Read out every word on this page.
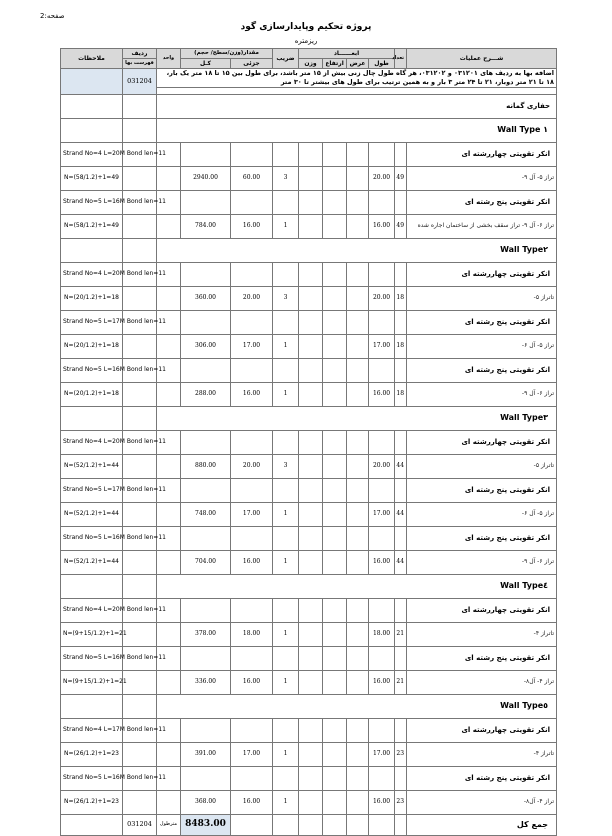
صفحه:2
پروژه تحکیم وپایدارسازی گود
ریزمتره
شـــرح عملیات	تعداد	ابعــــــاد				ضریب	مقدار(وزن/سطح/ حجم)		واحد	ردیف	ملاحظات
		طول	عرض	ارتفاع	وزن		جزئی	کـل		فهرست بها	
اضافه بها به ردیف های ۰۳۱۲۰۱ و ۰۳۱۲۰۲، هر گاه طول چال زنی بیش از ۱۵ متر باشد، برای طول بین ۱۵ تا ۱۸ متر یک بار، ۱۸ تا ۲۱ متر دوبار، ۲۱ تا ۲۴ متر ۳ بار و به همین ترتیب برای طول های بیشتر تا ۳۰ متر										031204	

حفاری گمانه											
Wall Type ۱											
انکر تقویتی چهاررشته ای											Strand No=4 L=20M Bond len=11
تراز ۵- آل ۹-	49	20.00				3	60.00	2940.00			N=(58/1.2)+1=49
انکر تقویتی پنج رشته ای											Strand No=5 L=16M Bond len=11
تراز ۶- آل ۹- تراز سقف بخشی از ساختمان اجاره شده	49	16.00				1	16.00	784.00			N=(58/1.2)+1=49
Wall Type۲											
انکر تقویتی چهاررشته ای											Strand No=4 L=20M Bond len=11
تاتراز ۵-	18	20.00				3	20.00	360.00			N=(20/1.2)+1=18
انکر تقویتی پنج رشته ای											Strand No=5 L=17M Bond len=11
تراز ۵- آل ۶-	18	17.00				1	17.00	306.00			N=(20/1.2)+1=18
انکر تقویتی پنج رشته ای											Strand No=5 L=16M Bond len=11
تراز ۶- آل ۹-	18	16.00				1	16.00	288.00			N=(20/1.2)+1=18
Wall Type۳											
انکر تقویتی چهاررشته ای											Strand No=4 L=20M Bond len=11
تاتراز ۵-	44	20.00				3	20.00	880.00			N=(52/1.2)+1=44
انکر تقویتی پنج رشته ای											Strand No=5 L=17M Bond len=11
تراز ۵- آل ۶-	44	17.00				1	17.00	748.00			N=(52/1.2)+1=44
انکر تقویتی پنج رشته ای											Strand No=5 L=16M Bond len=11
تراز ۶- آل ۹-	44	16.00				1	16.00	704.00			N=(52/1.2)+1=44
Wall Type٤											
انکر تقویتی چهاررشته ای											Strand No=4 L=20M Bond len=11
تاتراز ۴-	21	18.00				1	18.00	378.00			N=(9+15/1.2)+1=21
انکر تقویتی پنج رشته ای											Strand No=5 L=16M Bond len=11
تراز ۴- آل۸-	21	16.00				1	16.00	336.00			N=(9+15/1.2)+1=21
Wall Type٥											
انکر تقویتی چهاررشته ای											Strand No=4 L=17M Bond len=11
تاتراز ۴-	23	17.00				1	17.00	391.00			N=(26/1.2)+1=23
انکر تقویتی پنج رشته ای											Strand No=5 L=16M Bond len=11
تراز ۴- آل۸-	23	16.00				1	16.00	368.00			N=(26/1.2)+1=23
جمع کل								8483.00	مترطول	031204	
